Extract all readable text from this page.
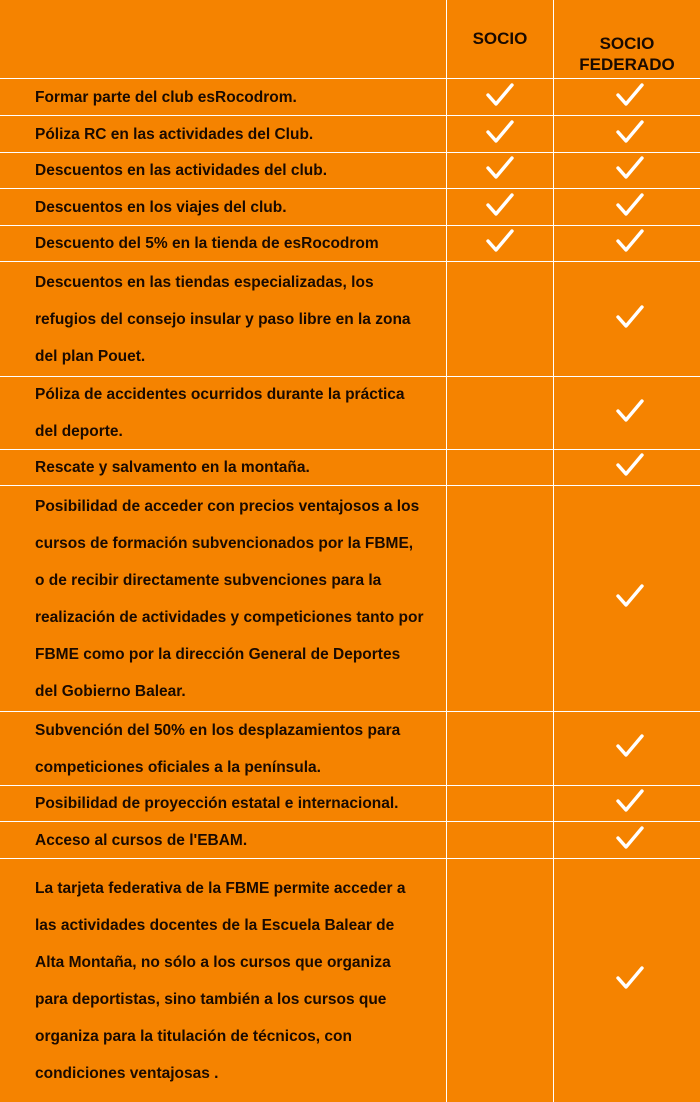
SOCIO	SOCIO
FEDERADO
Formar parte del club esRocodrom.
Póliza RC en las actividades del Club.
Descuentos en las actividades del club.
Descuentos en los viajes del club.
Descuento del 5% en la tienda de esRocodrom
Descuentos en las tiendas especializadas, los refugios del consejo insular y paso libre en la zona del plan Pouet.
Póliza de accidentes ocurridos durante la práctica del deporte.
Rescate y salvamento en la montaña.
Posibilidad de acceder con precios ventajosos a los cursos de formación subvencionados por la FBME, o de recibir directamente subvenciones para la realización de actividades y competiciones tanto por FBME como por la dirección General de Deportes del Gobierno Balear.
Subvención del 50% en los desplazamientos para competiciones oficiales a la península.
Posibilidad de proyección estatal e internacional.
Acceso al cursos de l'EBAM.
La tarjeta federativa de la FBME permite acceder a las actividades docentes de la Escuela Balear de Alta Montaña, no sólo a los cursos que organiza para deportistas, sino también a los cursos que organiza para la titulación de técnicos, con condiciones ventajosas .
